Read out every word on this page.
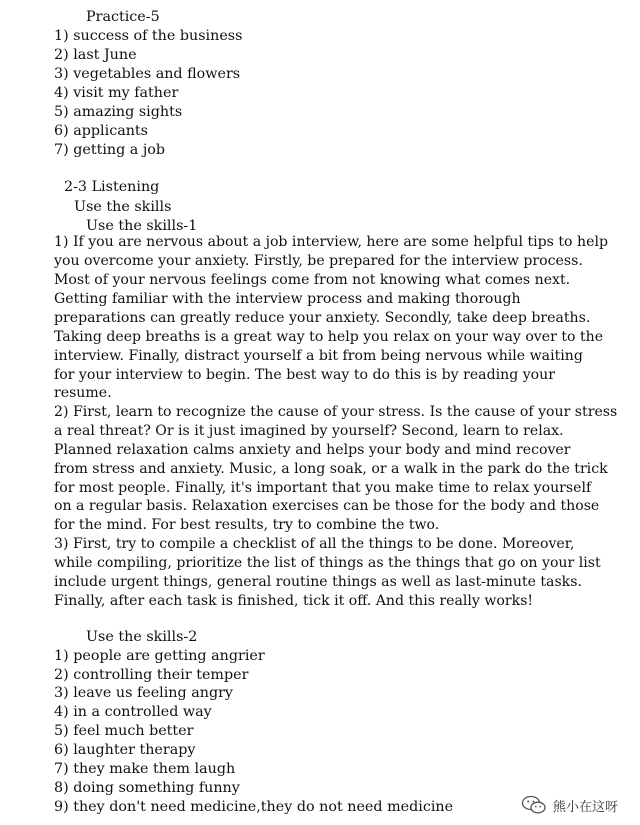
Practice-5
1) success of the business
2) last June
3) vegetables and flowers
4) visit my father
5) amazing sights
6) applicants
7) getting a job
2-3 Listening
Use the skills
Use the skills-1
1) If you are nervous about a job interview, here are some helpful tips to help
you overcome your anxiety. Firstly, be prepared for the interview process.
Most of your nervous feelings come from not knowing what comes next.
Getting familiar with the interview process and making thorough
preparations can greatly reduce your anxiety. Secondly, take deep breaths.
Taking deep breaths is a great way to help you relax on your way over to the
interview. Finally, distract yourself a bit from being nervous while waiting
for your interview to begin. The best way to do this is by reading your
resume.
2) First, learn to recognize the cause of your stress. Is the cause of your stress
a real threat? Or is it just imagined by yourself? Second, learn to relax.
Planned relaxation calms anxiety and helps your body and mind recover
from stress and anxiety. Music, a long soak, or a walk in the park do the trick
for most people. Finally, it's important that you make time to relax yourself
on a regular basis. Relaxation exercises can be those for the body and those
for the mind. For best results, try to combine the two.
3) First, try to compile a checklist of all the things to be done. Moreover,
while compiling, prioritize the list of things as the things that go on your list
include urgent things, general routine things as well as last-minute tasks.
Finally, after each task is finished, tick it off. And this really works!
Use the skills-2
1) people are getting angrier
2) controlling their temper
3) leave us feeling angry
4) in a controlled way
5) feel much better
6) laughter therapy
7) they make them laugh
8) doing something funny
9) they don't need medicine,they do not need medicine	熊小在这呀
